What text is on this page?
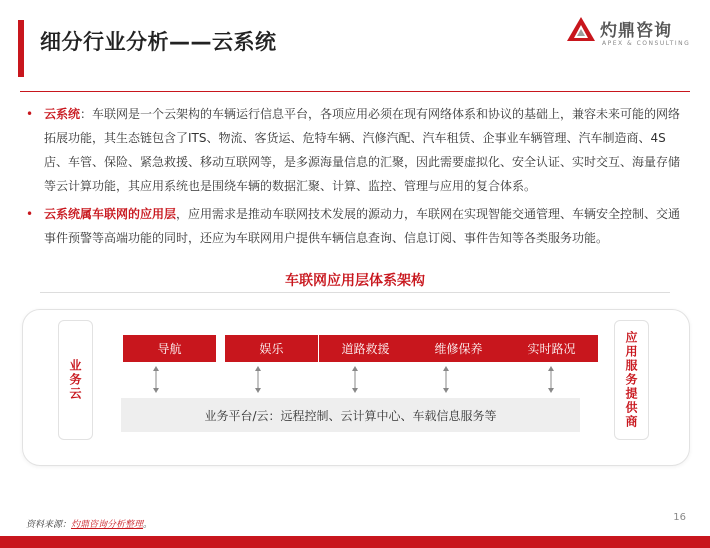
细分行业分析——云系统	灼鼎咨询
APEX & CONSULTING
• 云系统：车联网是一个云架构的车辆运行信息平台，各项应用必须在现有网络体系和协议的基础上，兼容未来可能的网络拓展功能，其生态链包含了ITS、物流、客货运、危特车辆、汽修汽配、汽车租赁、企事业车辆管理、汽车制造商、4S店、车管、保险、紧急救援、移动互联网等，是多源海量信息的汇聚，因此需要虚拟化、安全认证、实时交互、海量存储等云计算功能，其应用系统也是围绕车辆的数据汇聚、计算、监控、管理与应用的复合体系。
• 云系统属车联网的应用层，应用需求是推动车联网技术发展的源动力，车联网在实现智能交通管理、车辆安全控制、交通事件预警等高端功能的同时，还应为车联网用户提供车辆信息查询、信息订阅、事件告知等各类服务功能。
车联网应用层体系架构
业务云	应用服务提供商
导航	娱乐	道路救援	维修保养	实时路况
业务平台/云：远程控制、云计算中心、车载信息服务等
资料来源：灼鼎咨询分析整理。
16
